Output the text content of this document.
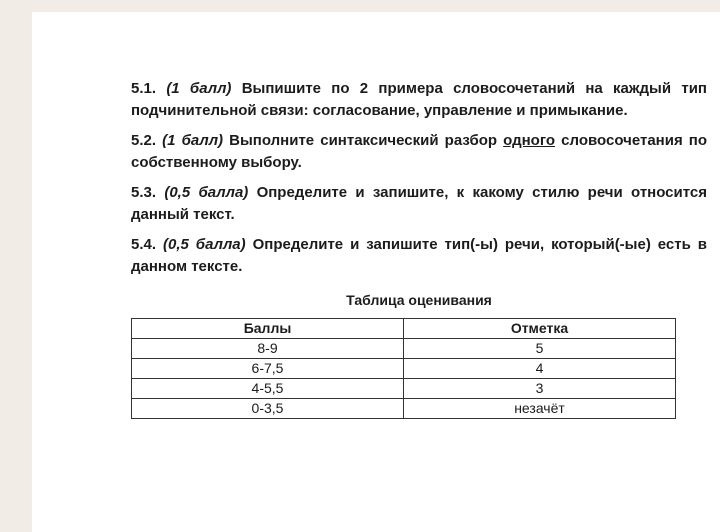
5.1. (1 балл) Выпишите по 2 примера словосочетаний на каждый тип подчинительной связи: согласование, управление и примыкание.

5.2. (1 балл) Выполните синтаксический разбор одного словосочетания по собственному выбору.

5.3. (0,5 балла) Определите и запишите, к какому стилю речи относится данный текст.

5.4. (0,5 балла) Определите и запишите тип(-ы) речи, который(-ые) есть в данном тексте.

Таблица оценивания
Баллы	Отметка
8-9	5
6-7,5	4
4-5,5	3
0-3,5	незачёт
